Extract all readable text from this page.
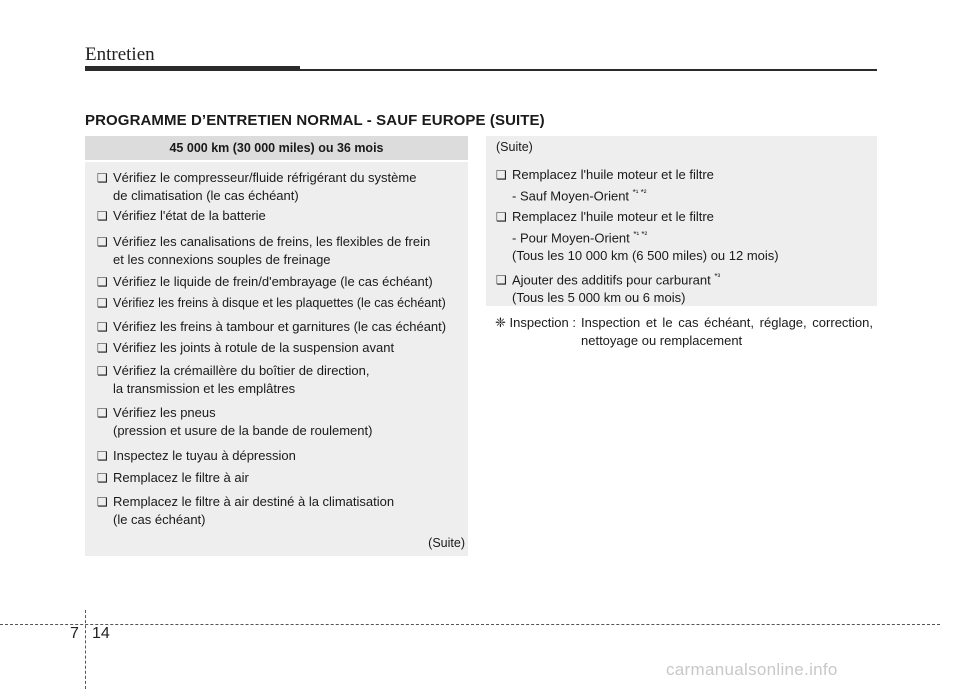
Entretien
PROGRAMME D’ENTRETIEN NORMAL - SAUF EUROPE (SUITE)
45 000 km (30 000 miles) ou 36 mois
❑ Vérifiez le compresseur/fluide réfrigérant du système
de climatisation (le cas échéant)
❑ Vérifiez l'état de la batterie
❑ Vérifiez les canalisations de freins, les flexibles de frein
et les connexions souples de freinage
❑ Vérifiez le liquide de frein/d'embrayage (le cas échéant)
❑ Vérifiez les freins à disque et les plaquettes (le cas échéant)
❑ Vérifiez les freins à tambour et garnitures (le cas échéant)
❑ Vérifiez les joints à rotule de la suspension avant
❑ Vérifiez la crémaillère du boîtier de direction,
la transmission et les emplâtres
❑ Vérifiez les pneus
(pression et usure de la bande de roulement)
❑ Inspectez le tuyau à dépression
❑ Remplacez le filtre à air
❑ Remplacez le filtre à air destiné à la climatisation
(le cas échéant)
(Suite)
(Suite)
❑ Remplacez l'huile moteur et le filtre
- Sauf Moyen-Orient $^{*^1 *^2}$
❑ Remplacez l'huile moteur et le filtre
- Pour Moyen-Orient $^{*^1 *^2}$
(Tous les 10 000 km (6 500 miles) ou 12 mois)
❑ Ajouter des additifs pour carburant $^{*^3}$
(Tous les 5 000 km ou 6 mois)
❈ Inspection : Inspection et le cas échéant, réglage, correction, nettoyage ou remplacement
7 14
carmanualsonline.info
